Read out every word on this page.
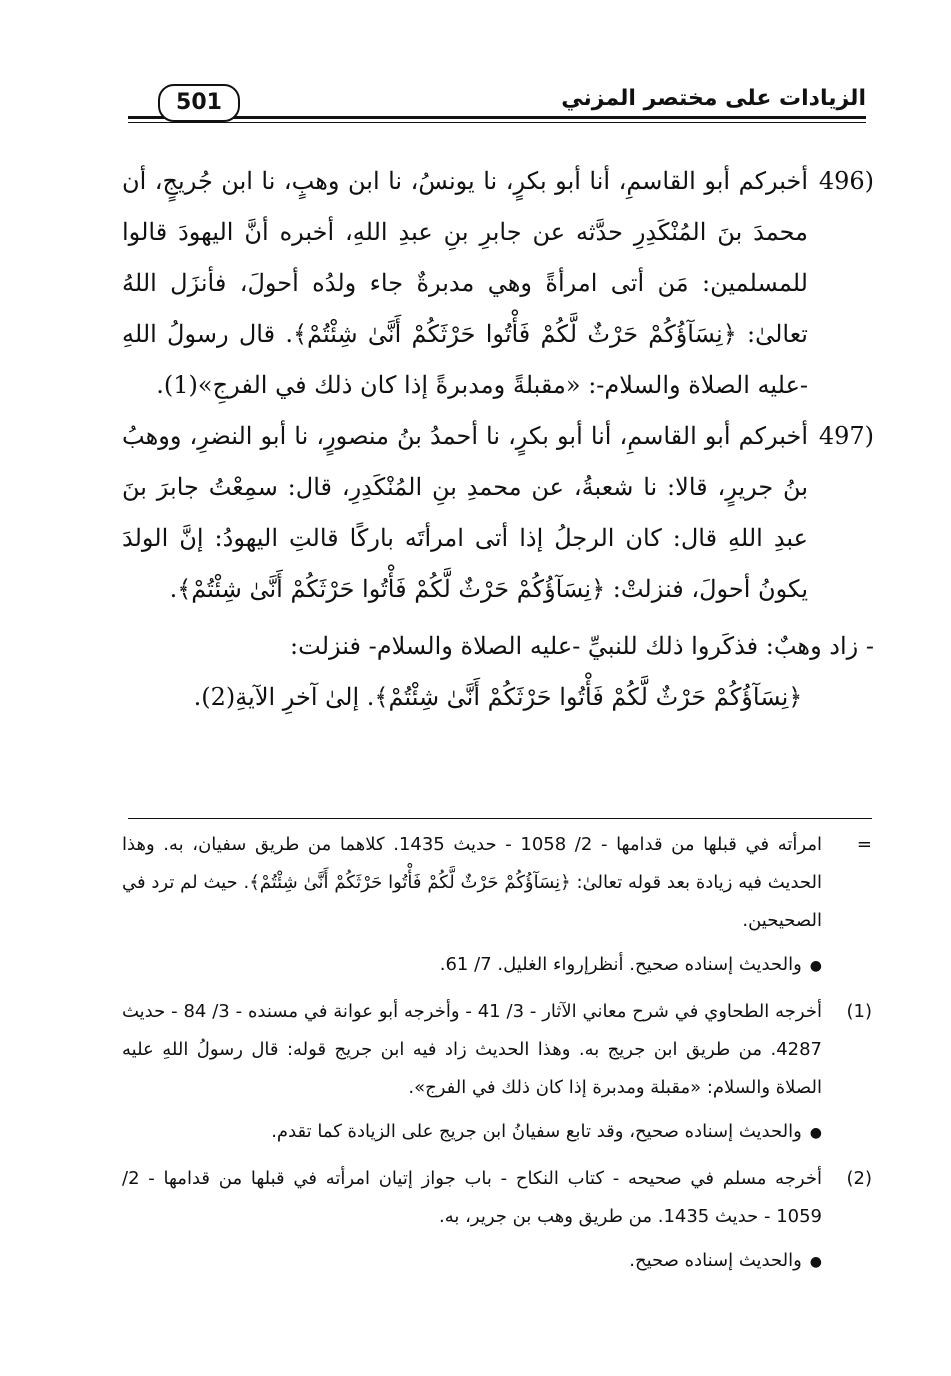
501	الزيادات على مختصر المزني
496)

أخبركم أبو القاسمِ، أنا أبو بكرٍ، نا يونسُ، نا ابن وهبٍ، نا ابن جُريجٍ، أن محمدَ بنَ المُنْكَدِرِ حدَّثه عن جابرِ بنِ عبدِ اللهِ، أخبره أنَّ اليهودَ قالوا للمسلمين: مَن أتى امرأةً وهي مدبرةٌ جاء ولدُه أحولَ، فأنزَل اللهُ تعالىٰ: ﴿نِسَآؤُكُمْ حَرْثٌ لَّكُمْ فَأْتُوا حَرْثَكُمْ أَنَّىٰ شِئْتُمْ﴾. قال رسولُ اللهِ -عليه الصلاة والسلام-: «مقبلةً ومدبرةً إذا كان ذلك في الفرجِ»(1).

497)

أخبركم أبو القاسمِ، أنا أبو بكرٍ، نا أحمدُ بنُ منصورٍ، نا أبو النضرِ، ووهبُ بنُ جريرٍ، قالا: نا شعبةُ، عن محمدِ بنِ المُنْكَدِرِ، قال: سمِعْتُ جابرَ بنَ عبدِ اللهِ قال: كان الرجلُ إذا أتى امرأتَه باركًا قالتِ اليهودُ: إنَّ الولدَ يكونُ أحولَ، فنزلتْ: ﴿نِسَآؤُكُمْ حَرْثٌ لَّكُمْ فَأْتُوا حَرْثَكُمْ أَنَّىٰ شِئْتُمْ﴾.

- زاد وهبٌ: فذكَروا ذلك للنبيِّ -عليه الصلاة والسلام- فنزلت:

﴿نِسَآؤُكُمْ حَرْثٌ لَّكُمْ فَأْتُوا حَرْثَكُمْ أَنَّىٰ شِئْتُمْ﴾. إلىٰ آخرِ الآيةِ(2).
=

امرأته في قبلها من قدامها - 2/ 1058 - حديث 1435. كلاهما من طريق سفيان، به. وهذا الحديث فيه زيادة بعد قوله تعالىٰ: ﴿نِسَآؤُكُمْ حَرْثٌ لَّكُمْ فَأْتُوا حَرْثَكُمْ أَنَّىٰ شِئْتُمْ﴾. حيث لم ترد في الصحيحين.

●والحديث إسناده صحيح. أنظرإرواء الغليل. 7/ 61.

(1)

أخرجه الطحاوي في شرح معاني الآثار - 3/ 41 - وأخرجه أبو عوانة في مسنده - 3/ 84 - حديث 4287. من طريق ابن جريج به. وهذا الحديث زاد فيه ابن جريج قوله: قال رسولُ اللهِ عليه الصلاة والسلام: «مقبلة ومدبرة إذا كان ذلك في الفرج».

●والحديث إسناده صحيح، وقد تابع سفيانُ ابن جريج على الزيادة كما تقدم.

(2)

أخرجه مسلم في صحيحه - كتاب النكاح - باب جواز إتيان امرأته في قبلها من قدامها - 2/ 1059 - حديث 1435. من طريق وهب بن جرير، به.

●والحديث إسناده صحيح.
